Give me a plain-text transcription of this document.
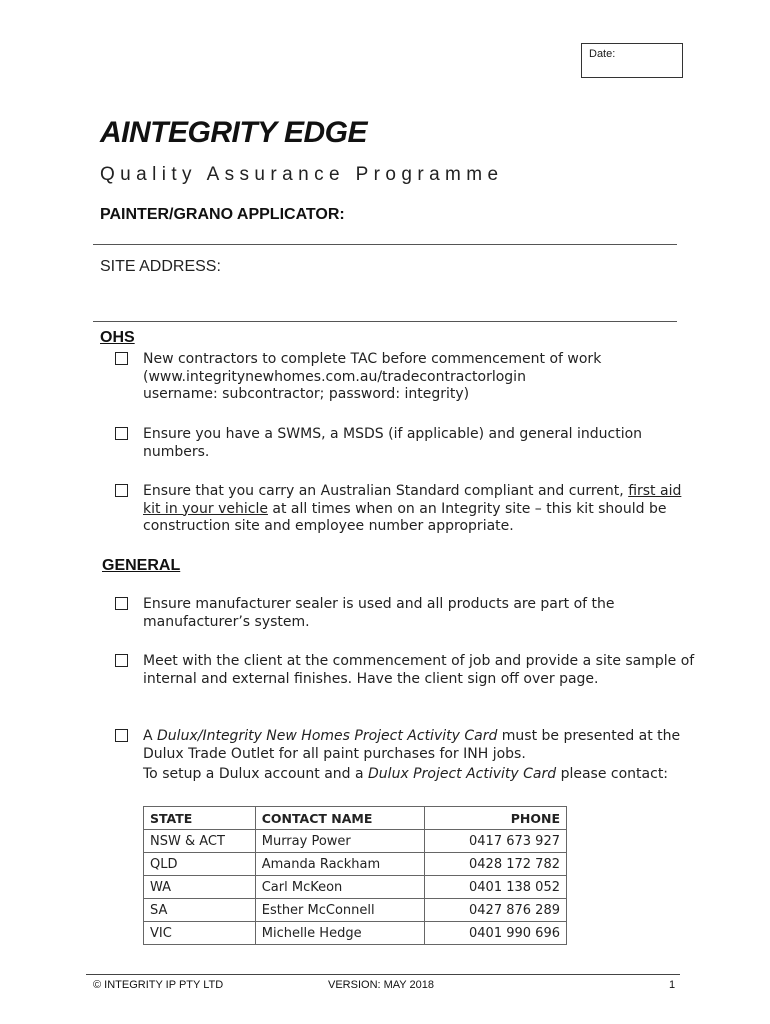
Date:
AINTEGRITY EDGE
Quality Assurance Programme
PAINTER/GRANO APPLICATOR:
SITE ADDRESS:
OHS
New contractors to complete TAC before commencement of work
(www.integritynewhomes.com.au/tradecontractorlogin
username: subcontractor; password: integrity)
Ensure you have a SWMS, a MSDS (if applicable) and general induction numbers.
Ensure that you carry an Australian Standard compliant and current, first aid kit in your vehicle at all times when on an Integrity site – this kit should be construction site and employee number appropriate.
GENERAL
Ensure manufacturer sealer is used and all products are part of the manufacturer’s system.
Meet with the client at the commencement of job and provide a site sample of internal and external finishes. Have the client sign off over page.

A Dulux/Integrity New Homes Project Activity Card must be presented at the Dulux Trade Outlet for all paint purchases for INH jobs.

To setup a Dulux account and a Dulux Project Activity Card please contact:

STATE	CONTACT NAME	PHONE
NSW & ACT	Murray Power	0417 673 927
QLD	Amanda Rackham	0428 172 782
WA	Carl McKeon	0401 138 052
SA	Esther McConnell	0427 876 289
VIC	Michelle Hedge	0401 990 696
© INTEGRITY IP PTY LTD	VERSION: MAY 2018	1
